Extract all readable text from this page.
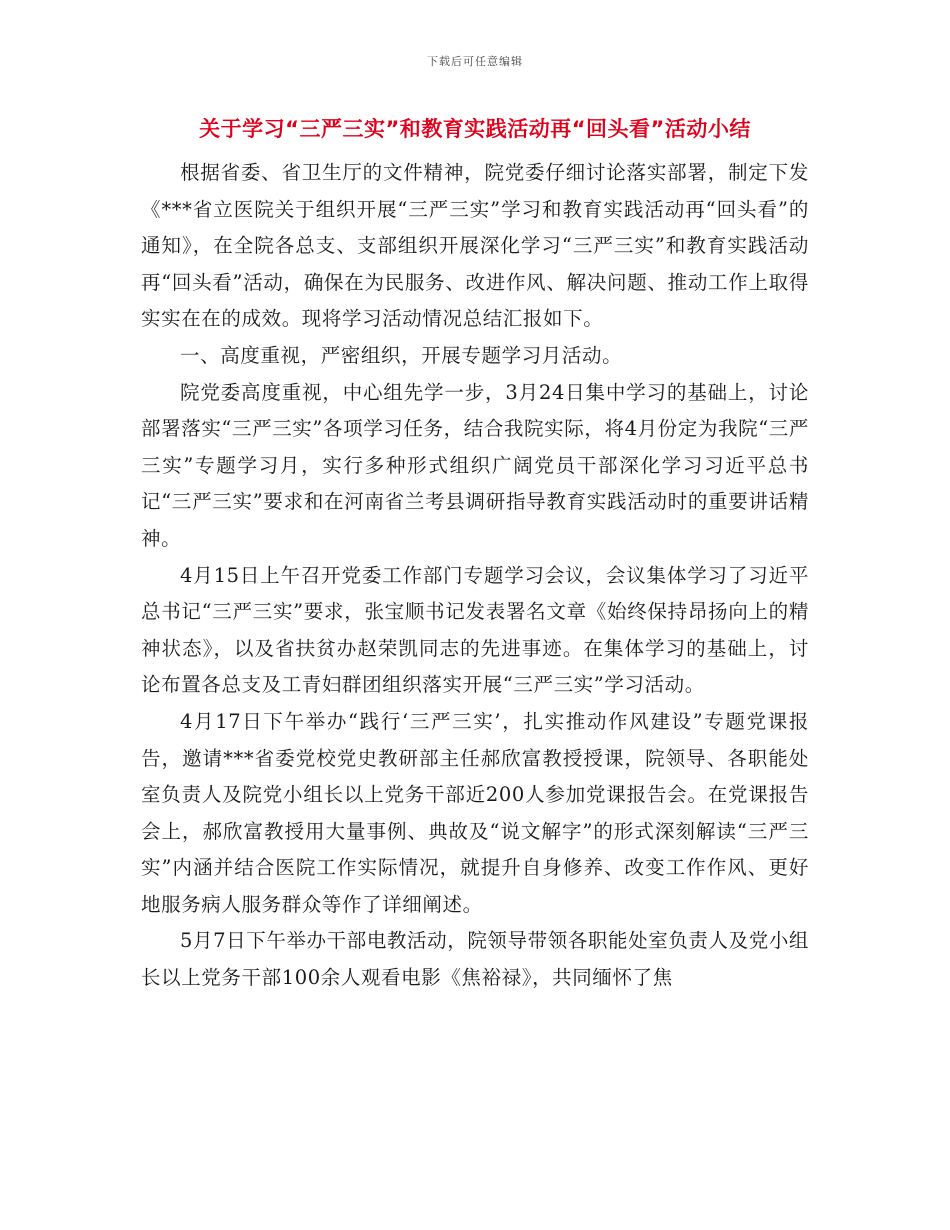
下载后可任意编辑
关于学习“三严三实”和教育实践活动再“回头看”活动小结

根据省委、省卫生厅的文件精神，院党委仔细讨论落实部署，制定下发《***省立医院关于组织开展“三严三实”学习和教育实践活动再“回头看”的通知》，在全院各总支、支部组织开展深化学习“三严三实”和教育实践活动再“回头看”活动，确保在为民服务、改进作风、解决问题、推动工作上取得实实在在的成效。现将学习活动情况总结汇报如下。

一、高度重视，严密组织，开展专题学习月活动。

院党委高度重视，中心组先学一步，3月24日集中学习的基础上，讨论部署落实“三严三实”各项学习任务，结合我院实际，将4月份定为我院“三严三实”专题学习月，实行多种形式组织广阔党员干部深化学习习近平总书记“三严三实”要求和在河南省兰考县调研指导教育实践活动时的重要讲话精神。

4月15日上午召开党委工作部门专题学习会议，会议集体学习了习近平总书记“三严三实”要求，张宝顺书记发表署名文章《始终保持昂扬向上的精神状态》，以及省扶贫办赵荣凯同志的先进事迹。在集体学习的基础上，讨论布置各总支及工青妇群团组织落实开展“三严三实”学习活动。

4月17日下午举办“践行‘三严三实’，扎实推动作风建设”专题党课报告，邀请***省委党校党史教研部主任郝欣富教授授课，院领导、各职能处室负责人及院党小组长以上党务干部近200人参加党课报告会。在党课报告会上，郝欣富教授用大量事例、典故及“说文解字”的形式深刻解读“三严三实”内涵并结合医院工作实际情况，就提升自身修养、改变工作作风、更好地服务病人服务群众等作了详细阐述。

5月7日下午举办干部电教活动，院领导带领各职能处室负责人及党小组长以上党务干部100余人观看电影《焦裕禄》，共同缅怀了焦
